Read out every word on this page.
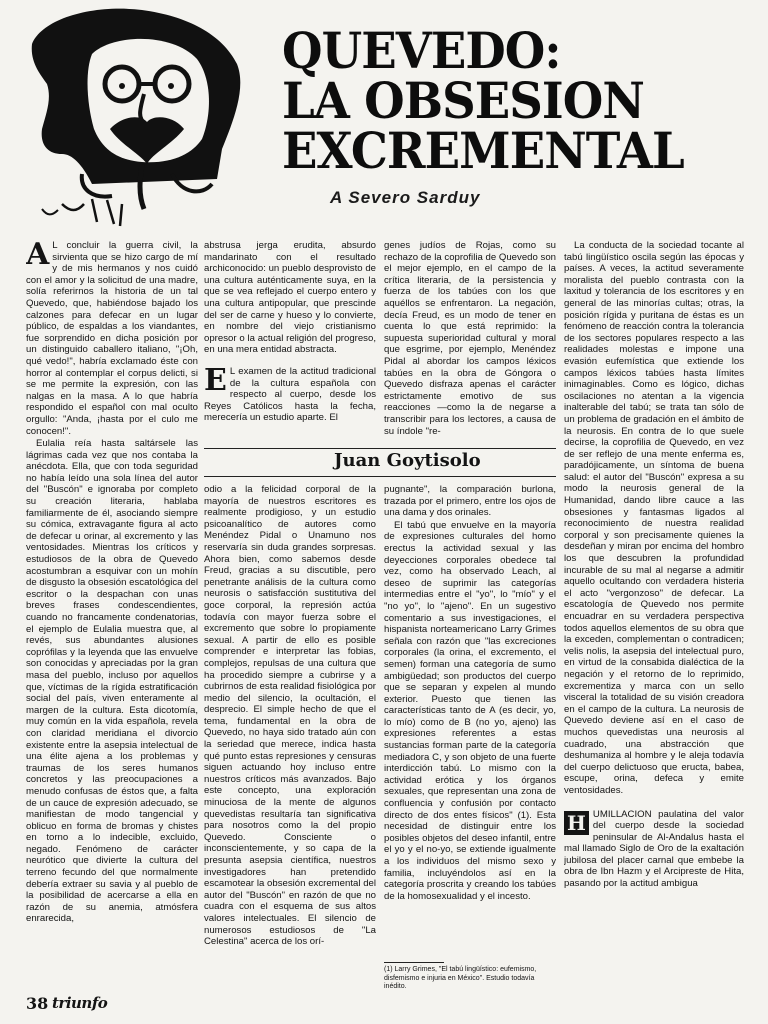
QUEVEDO:
LA OBSESION
EXCREMENTAL
A Severo Sarduy

A L concluir la guerra civil, la sirvienta que se hizo cargo de mí y de mis hermanos y nos cuidó con el amor y la solicitud de una madre, solía referirnos la historia de un tal Quevedo, que, habiéndose bajado los calzones para defecar en un lugar público, de espaldas a los viandantes, fue sorprendido en dicha posición por un distinguido caballero italiano, "¡Oh, qué vedo!", habría exclamado éste con horror al contemplar el corpus delicti, si se me permite la expresión, con las nalgas en la masa. A lo que habría respondido el español con mal oculto orgullo: "Anda, ¡hasta por el culo me conocen!".

Eulalia reía hasta saltársele las lágrimas cada vez que nos contaba la anécdota. Ella, que con toda seguridad no había leído una sola línea del autor del "Buscón" e ignoraba por completo su creación literaria, hablaba familiarmente de él, asociando siempre su cómica, extravagante figura al acto de defecar u orinar, al excremento y las ventosidades. Mientras los críticos y estudiosos de la obra de Quevedo acostumbran a esquivar con un mohín de disgusto la obsesión escatológica del escritor o la despachan con unas breves frases condescendientes, cuando no francamente condenatorias, el ejemplo de Eulalia muestra que, al revés, sus abundantes alusiones coprófilas y la leyenda que las envuelve son conocidas y apreciadas por la gran masa del pueblo, incluso por aquellos que, víctimas de la rígida estratificación social del país, viven enteramente al margen de la cultura. Esta dicotomía, muy común en la vida española, revela con claridad meridiana el divorcio existente entre la asepsia intelectual de una élite ajena a los problemas y traumas de los seres humanos concretos y las preocupaciones a menudo confusas de éstos que, a falta de un cauce de expresión adecuado, se manifiestan de modo tangencial y oblicuo en forma de bromas y chistes en torno a lo indecible, excluido, negado. Fenómeno de carácter neurótico que divierte la cultura del terreno fecundo del que normalmente debería extraer su savia y al pueblo de la posibilidad de acercarse a ella en razón de su anemia, atmósfera enrarecida,

abstrusa jerga erudita, absurdo mandarinato con el resultado archiconocido: un pueblo desprovisto de una cultura auténticamente suya, en la que se vea reflejado el cuerpo entero y una cultura antipopular, que prescinde del ser de carne y hueso y lo convierte, en nombre del viejo cristianismo opresor o la actual religión del progreso, en una mera entidad abstracta.

E L examen de la actitud tradicional de la cultura española con respecto al cuerpo, desde los Reyes Católicos hasta la fecha, merecería un estudio aparte. El

genes judíos de Rojas, como su rechazo de la coprofilia de Quevedo son el mejor ejemplo, en el campo de la crítica literaria, de la persistencia y fuerza de los tabúes con los que aquéllos se enfrentaron. La negación, decía Freud, es un modo de tener en cuenta lo que está reprimido: la supuesta superioridad cultural y moral que esgrime, por ejemplo, Menéndez Pidal al abordar los campos léxicos tabúes en la obra de Góngora o Quevedo disfraza apenas el carácter estrictamente emotivo de sus reacciones —como la de negarse a transcribir para los lectores, a causa de su índole "re-

Juan Goytisolo

odio a la felicidad corporal de la mayoría de nuestros escritores es realmente prodigioso, y un estudio psicoanalítico de autores como Menéndez Pidal o Unamuno nos reservaría sin duda grandes sorpresas. Ahora bien, como sabemos desde Freud, gracias a su discutible, pero penetrante análisis de la cultura como neurosis o satisfacción sustitutiva del goce corporal, la represión actúa todavía con mayor fuerza sobre el excremento que sobre lo propiamente sexual. A partir de ello es posible comprender e interpretar las fobias, complejos, repulsas de una cultura que ha procedido siempre a cubrirse y a cubrirnos de esta realidad fisiológica por medio del silencio, la ocultación, el desprecio. El simple hecho de que el tema, fundamental en la obra de Quevedo, no haya sido tratado aún con la seriedad que merece, indica hasta qué punto estas represiones y censuras siguen actuando hoy incluso entre nuestros críticos más avanzados. Bajo este concepto, una exploración minuciosa de la mente de algunos quevedistas resultaría tan significativa para nosotros como la del propio Quevedo. Consciente o inconscientemente, y so capa de la presunta asepsia científica, nuestros investigadores han pretendido escamotear la obsesión excremental del autor del "Buscón" en razón de que no cuadra con el esquema de sus altos valores intelectuales. El silencio de numerosos estudiosos de "La Celestina" acerca de los orí-

pugnante", la comparación burlona, trazada por el primero, entre los ojos de una dama y dos orinales.

El tabú que envuelve en la mayoría de expresiones culturales del homo erectus la actividad sexual y las deyecciones corporales obedece tal vez, como ha observado Leach, al deseo de suprimir las categorías intermedias entre el "yo", lo "mío" y el "no yo", lo "ajeno". En un sugestivo comentario a sus investigaciones, el hispanista norteamericano Larry Grimes señala con razón que "las excreciones corporales (la orina, el excremento, el semen) forman una categoría de sumo ambigüedad; son productos del cuerpo que se separan y expelen al mundo exterior. Puesto que tienen las características tanto de A (es decir, yo, lo mío) como de B (no yo, ajeno) las expresiones referentes a estas sustancias forman parte de la categoría mediadora C, y son objeto de una fuerte interdicción tabú. Lo mismo con la actividad erótica y los órganos sexuales, que representan una zona de confluencia y confusión por contacto directo de dos entes físicos" (1). Esta necesidad de distinguir entre los posibles objetos del deseo infantil, entre el yo y el no-yo, se extiende igualmente a los individuos del mismo sexo y familia, incluyéndolos así en la categoría proscrita y creando los tabúes de la homosexualidad y el incesto.

(1) Larry Grimes, "El tabú lingüístico: eufemismo, disfemismo e injuria en México". Estudio todavía inédito.

La conducta de la sociedad tocante al tabú lingüístico oscila según las épocas y países. A veces, la actitud severamente moralista del pueblo contrasta con la laxitud y tolerancia de los escritores y en general de las minorías cultas; otras, la posición rígida y puritana de éstas es un fenómeno de reacción contra la tolerancia de los sectores populares respecto a las realidades molestas e impone una evasión eufemística que extiende los campos léxicos tabúes hasta límites inimaginables. Como es lógico, dichas oscilaciones no atentan a la vigencia inalterable del tabú; se trata tan sólo de un problema de gradación en el ámbito de la neurosis. En contra de lo que suele decirse, la coprofilia de Quevedo, en vez de ser reflejo de una mente enferma es, paradójicamente, un síntoma de buena salud: el autor del "Buscón" expresa a su modo la neurosis general de la Humanidad, dando libre cauce a las obsesiones y fantasmas ligados al reconocimiento de nuestra realidad corporal y son precisamente quienes la desdeñan y miran por encima del hombro los que descubren la profundidad incurable de su mal al negarse a admitir aquello ocultando con verdadera histeria el acto "vergonzoso" de defecar. La escatología de Quevedo nos permite encuadrar en su verdadera perspectiva todos aquellos elementos de su obra que la exceden, complementan o contradicen; velis nolis, la asepsia del intelectual puro, en virtud de la consabida dialéctica de la negación y el retorno de lo reprimido, excrementiza y marca con un sello visceral la totalidad de su visión creadora en el campo de la cultura. La neurosis de Quevedo deviene así en el caso de muchos quevedistas una neurosis al cuadrado, una abstracción que deshumaniza al hombre y le aleja todavía del cuerpo delictuoso que eructa, babea, escupe, orina, defeca y emite ventosidades.

H UMILLACION paulatina del valor del cuerpo desde la sociedad peninsular de Al-Andalus hasta el mal llamado Siglo de Oro de la exaltación jubilosa del placer carnal que embebe la obra de Ibn Hazm y el Arcipreste de Hita, pasando por la actitud ambigua

38 triunfo
